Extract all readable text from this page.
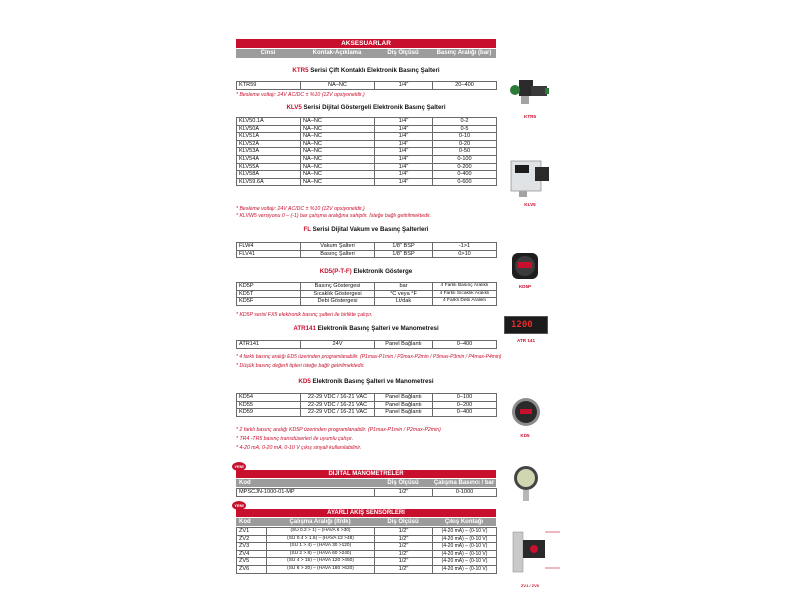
AKSESUARLAR
Cinsi	Kontak-Açıklama	Diş Ölçüsü	Basınç Aralığı (bar)
KTR5 Serisi Çift Kontaklı Elektronik Basınç Şalteri
KTR59	NA–NC	1/4"	20–400
* Besleme voltajı: 24V AC/DC ± %10 (12V opsiyoneldir.)
KLV5 Serisi Dijital Göstergeli Elektronik Basınç Şalteri
KLV50.1A	NA–NC	1/4"	0-2
KLV50A	NA–NC	1/4"	0-5
KLV51A	NA–NC	1/4"	0-10
KLV52A	NA–NC	1/4"	0-20
KLV53A	NA–NC	1/4"	0-50
KLV54A	NA–NC	1/4"	0-100
KLV55A	NA–NC	1/4"	0-200
KLV58A	NA–NC	1/4"	0-400
KLV59.6A	NA–NC	1/4"	0-600
* Besleme voltajı: 24V AC/DC ± %10 (12V opsiyoneldir.)
* KLVW5 versiyonu 0 – (-1) bar çalışma aralığına sahiptir. İsteğe bağlı getirilmektedir.
FL Serisi Dijital Vakum ve Basınç Şalterleri
FLW4	Vakum Şalteri	1/8" BSP	-1>1
FLV41	Basınç Şalteri	1/8" BSP	0>10
KD5(P-T-F) Elektronik Gösterge
KD5P	Basınç Göstergesi	bar	4 Farklı Basınç Aralıklı
KD5T	Sıcaklık Göstergesi	°C veya °F	4 Farklı Sıcaklık Aralıklı
KD5F	Debi Göstergesi	Lt/dak	4 Farklı Debi Aralıklı
* KD5P serisi FX5 elektronik basınç şalteri ile birlikte çalışır.
ATR141 Elektronik Basınç Şalteri ve Manometresi
ATR141	24V	Panel Bağlantı	0–400
* 4 farklı basınç aralığı ED5 üzerinden programlanabilir. (P1max-P1min / P2max-P2min / P3max-P3min / P4max-P4min)
* Düşük basınç değerli tipleri isteğe bağlı getirilmektedir.
KD5 Elektronik Basınç Şalteri ve Manometresi
KD54	22-29 VDC / 16-21 VAC	Panel Bağlantı	0–100
KD55	22-29 VDC / 16-21 VAC	Panel Bağlantı	0–200
KD59	22-29 VDC / 16-21 VAC	Panel Bağlantı	0–400
* 2 farklı basınç aralığı KD5P üzerinden programlanabilir. (P1max-P1min / P2max-P2min)
* TR4 -TR5 basınç transdüserleri ile uyumlu çalışır.
* 4-20 mA, 0-20 mA, 0-10 V çıkış sinyali kullanılabilinir.
YENİ
DİJİTAL MANOMETRELER
Kod	Diş Ölçüsü	Çalışma Basıncı / bar
MPSCJN-1000-01-MP	1/2"	0-1000
YENİ
AYARLI AKIŞ SENSÖRLERİ
Kod	Çalışma Aralığı (lt/dk)	Diş Ölçüsü	Çıkış Kontağı
ZV1	(SU 0.2 > 1) – (HAVA 6 >30)	1/2"	(4-20 mA) – (0-10 V)
ZV2	(SU 0.4 > 1.6) – (HAVA 12 >48)	1/2"	(4-20 mA) – (0-10 V)
ZV3	(SU 1 > 4) – (HAVA 30 >120)	1/2"	(4-20 mA) – (0-10 V)
ZV4	(SU 2 > 8) – (HAVA 60 >240)	1/2"	(4-20 mA) – (0-10 V)
ZV5	(SU 4 > 15) – (HAVA 120 >450)	1/2"	(4-20 mA) – (0-10 V)
ZV6	(SU 6 > 20) – (HAVA 160 >620)	1/2"	(4-20 mA) – (0-10 V)
KTR5
KLV5
KD5P
1200
ATR 141
KD5
ZV1 / ZV6
